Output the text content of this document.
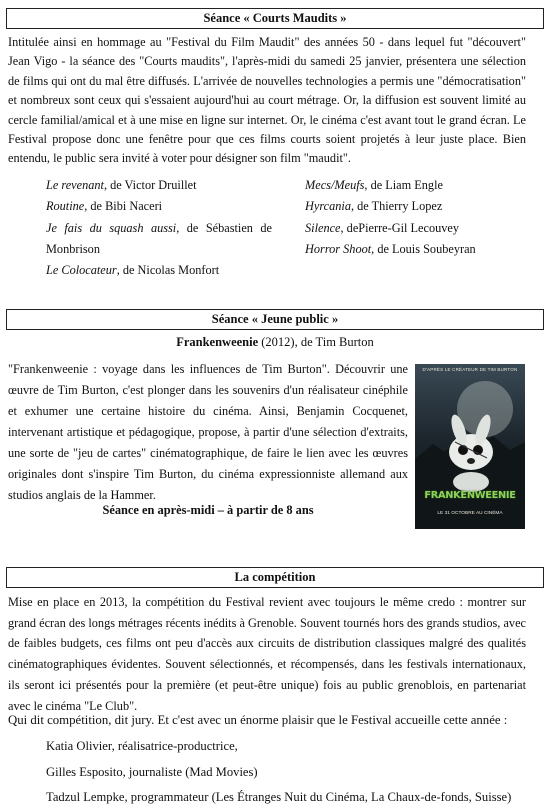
Séance « Courts Maudits »

Intitulée ainsi en hommage au "Festival du Film Maudit" des années 50 - dans lequel fut "découvert" Jean Vigo - la séance des "Courts maudits", l'après-midi du samedi 25 janvier, présentera une sélection de films qui ont du mal être diffusés. L'arrivée de nouvelles technologies a permis une "démocratisation" et nombreux sont ceux qui s'essaient aujourd'hui au court métrage. Or, la diffusion est souvent limité au cercle familial/amical et à une mise en ligne sur internet. Or, le cinéma c'est avant tout le grand écran. Le Festival propose donc une fenêtre pour que ces films courts soient projetés à leur juste place. Bien entendu, le public sera invité à voter pour désigner son film "maudit".

Le revenant, de Victor Druillet
Routine, de Bibi Naceri
Je fais du squash aussi, de Sébastien de
Monbrison
Le Colocateur, de Nicolas Monfort
Mecs/Meufs, de Liam Engle
Hyrcania, de Thierry Lopez
Silence, dePierre-Gil Lecouvey
Horror Shoot, de Louis Soubeyran
Séance « Jeune public »
Frankenweenie (2012), de Tim Burton

"Frankenweenie : voyage dans les influences de Tim Burton". Découvrir une œuvre de Tim Burton, c'est plonger dans les souvenirs d'un réalisateur cinéphile et exhumer une certaine histoire du cinéma. Ainsi, Benjamin Cocquenet, intervenant artistique et pédagogique, propose, à partir d'une sélection d'extraits, une sorte de "jeu de cartes" cinématographique, de faire le lien avec les œuvres originales dont s'inspire Tim Burton, du cinéma expressionniste allemand aux studios anglais de la Hammer.

Séance en après-midi – à partir de 8 ans
D'APRÈS LE CRÉATEUR DE TIM BURTON
FRANKENWEENIE
LE 31 OCTOBRE AU CINÉMA
La compétition

Mise en place en 2013, la compétition du Festival revient avec toujours le même credo : montrer sur grand écran des longs métrages récents inédits à Grenoble. Souvent tournés hors des grands studios, avec de faibles budgets, ces films ont peu d'accès aux circuits de distribution classiques malgré des qualités cinématographiques évidentes. Souvent sélectionnés, et récompensés, dans les festivals internationaux, ils seront ici présentés pour la première (et peut-être unique) fois au public grenoblois, en partenariat avec le cinéma "Le Club".

Qui dit compétition, dit jury. Et c'est avec un énorme plaisir que le Festival accueille cette année :
Katia Olivier, réalisatrice-productrice,
Gilles Esposito, journaliste (Mad Movies)
Tadzul Lempke, programmateur (Les Étranges Nuit du Cinéma, La Chaux-de-fonds, Suisse)
